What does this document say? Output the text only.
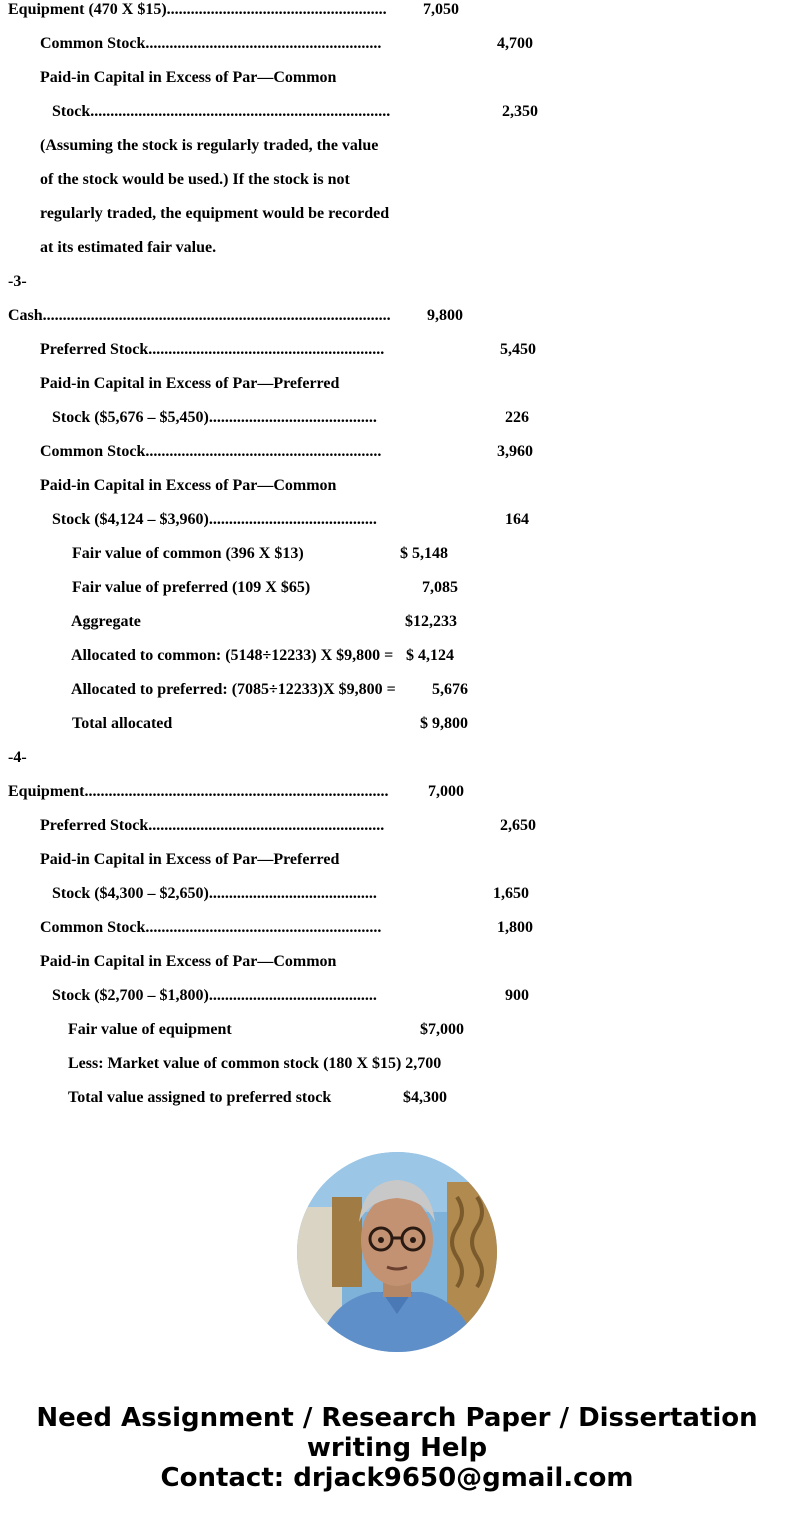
Equipment (470 X $15)....................................................... 7,050
Common Stock...........................................................	4,700
Paid-in Capital in Excess of Par—Common
Stock...........................................................................	2,350
(Assuming the stock is regularly traded, the value
of the stock would be used.) If the stock is not
regularly traded, the equipment would be recorded
at its estimated fair value.
-3-
Cash....................................................................................... 9,800
Preferred Stock...........................................................	5,450
Paid-in Capital in Excess of Par—Preferred
Stock ($5,676 – $5,450)..........................................	226
Common Stock...........................................................	3,960
Paid-in Capital in Excess of Par—Common
Stock ($4,124 – $3,960)..........................................	164
Fair value of common (396 X $13)	$ 5,148
Fair value of preferred (109 X $65)	7,085
Aggregate	$12,233
Allocated to common: (5148÷12233) X $9,800 = $ 4,124
Allocated to preferred: (7085÷12233)X $9,800 = 5,676
Total allocated	$ 9,800
-4-
Equipment............................................................................ 7,000
Preferred Stock...........................................................	2,650
Paid-in Capital in Excess of Par—Preferred
Stock ($4,300 – $2,650)..........................................	1,650
Common Stock...........................................................	1,800
Paid-in Capital in Excess of Par—Common
Stock ($2,700 – $1,800)..........................................	900
Fair value of equipment	$7,000
Less: Market value of common stock (180 X $15) 2,700
Total value assigned to preferred stock	$4,300
Need Assignment / Research Paper / Dissertation
writing Help
Contact: drjack9650@gmail.com
